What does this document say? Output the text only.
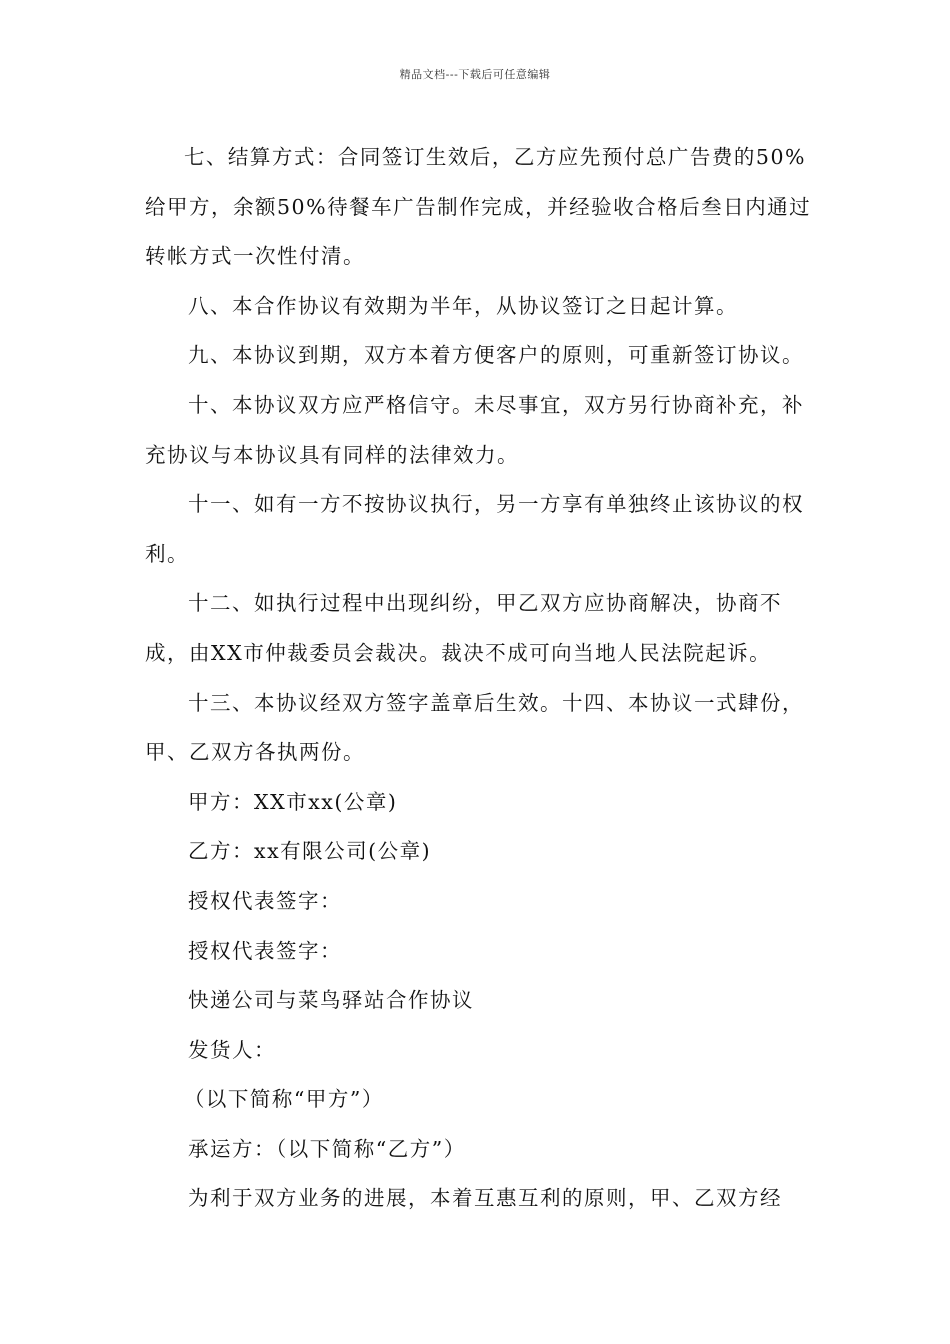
精品文档---下载后可任意编辑

七、结算方式：合同签订生效后，乙方应先预付总广告费的50%给甲方，余额50%待餐车广告制作完成，并经验收合格后叁日内通过转帐方式一次性付清。

八、本合作协议有效期为半年，从协议签订之日起计算。

九、本协议到期，双方本着方便客户的原则，可重新签订协议。

十、本协议双方应严格信守。未尽事宜，双方另行协商补充，补充协议与本协议具有同样的法律效力。

十一、如有一方不按协议执行，另一方享有单独终止该协议的权利。

十二、如执行过程中出现纠纷，甲乙双方应协商解决，协商不成，由XX市仲裁委员会裁决。裁决不成可向当地人民法院起诉。

十三、本协议经双方签字盖章后生效。十四、本协议一式肆份，甲、乙双方各执两份。

甲方：XX市xx(公章)

乙方：xx有限公司(公章)

授权代表签字：

授权代表签字：

快递公司与菜鸟驿站合作协议

发货人：

（以下简称“甲方”）

承运方：（以下简称“乙方”）

为利于双方业务的进展，本着互惠互利的原则，甲、乙双方经
